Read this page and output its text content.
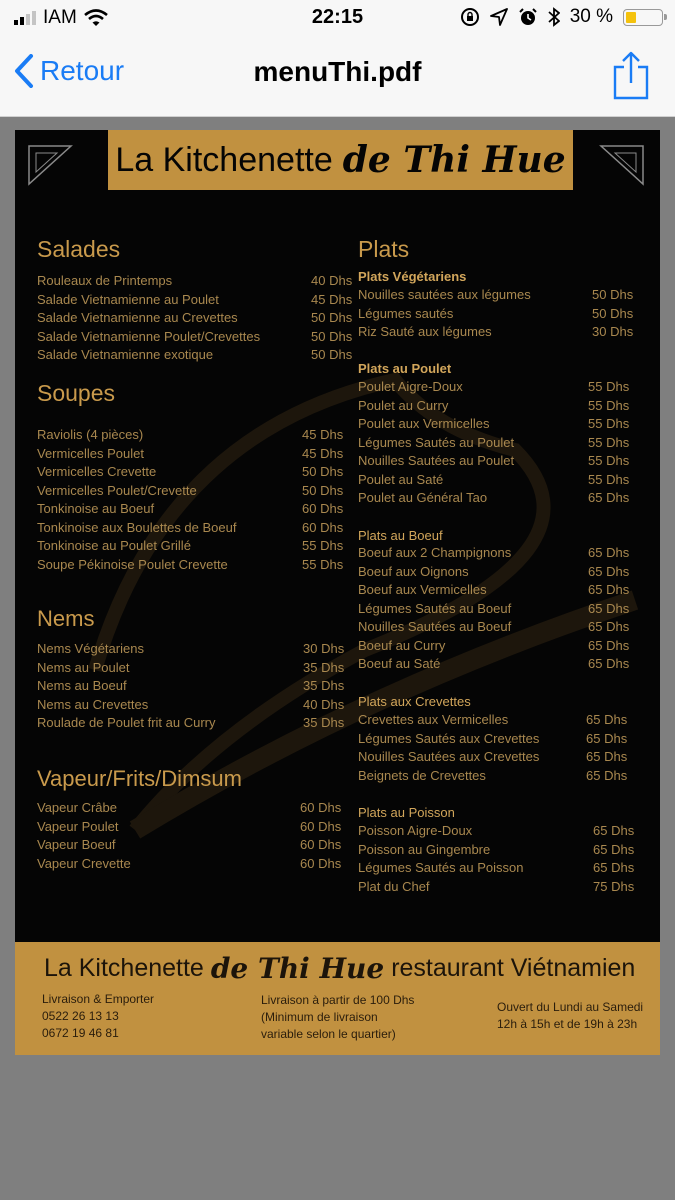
IAM	22:15	30 %
Retour	menuThi.pdf
La Kitchenette de Thi Hue
Plats
Salades
Rouleaux de Printemps	40 Dhs
Salade Vietnamienne au Poulet	45 Dhs
Salade Vietnamienne au Crevettes	50 Dhs
Salade Vietnamienne Poulet/Crevettes	50 Dhs
Salade Vietnamienne exotique	50 Dhs
Soupes
Raviolis (4 pièces)	45 Dhs
Vermicelles Poulet	45 Dhs
Vermicelles Crevette	50 Dhs
Vermicelles Poulet/Crevette	50 Dhs
Tonkinoise au Boeuf	60 Dhs
Tonkinoise aux Boulettes de Boeuf	60 Dhs
Tonkinoise au Poulet Grillé	55 Dhs
Soupe Pékinoise Poulet Crevette	55 Dhs
Nems
Nems Végétariens	30 Dhs
Nems au Poulet	35 Dhs
Nems au Boeuf	35 Dhs
Nems au Crevettes	40 Dhs
Roulade de Poulet frit au Curry	35 Dhs
Vapeur/Frits/Dimsum
Vapeur Crâbe	60 Dhs
Vapeur Poulet	60 Dhs
Vapeur Boeuf	60 Dhs
Vapeur Crevette	60 Dhs
Plats Végétariens
Nouilles sautées aux légumes	50 Dhs
Légumes sautés	50 Dhs
Riz Sauté aux légumes	30 Dhs
Plats au Poulet
Poulet Aigre-Doux	55 Dhs
Poulet au Curry	55 Dhs
Poulet aux Vermicelles	55 Dhs
Légumes Sautés au Poulet	55 Dhs
Nouilles Sautées au Poulet	55 Dhs
Poulet au Saté	55 Dhs
Poulet au Général Tao	65 Dhs
Plats au Boeuf
Boeuf aux 2 Champignons	65 Dhs
Boeuf aux Oignons	65 Dhs
Boeuf aux Vermicelles	65 Dhs
Légumes Sautés au Boeuf	65 Dhs
Nouilles Sautées au Boeuf	65 Dhs
Boeuf au Curry	65 Dhs
Boeuf au Saté	65 Dhs
Plats aux Crevettes
Crevettes aux Vermicelles	65 Dhs
Légumes Sautés aux Crevettes	65 Dhs
Nouilles Sautées aux Crevettes	65 Dhs
Beignets de Crevettes	65 Dhs
Plats au Poisson
Poisson Aigre-Doux	65 Dhs
Poisson au Gingembre	65 Dhs
Légumes Sautés au Poisson	65 Dhs
Plat du Chef	75 Dhs
La Kitchenette de Thi Hue restaurant Viétnamien
Livraison & Emporter
0522 26 13 13
0672 19 46 81
Livraison à partir de 100 Dhs
(Minimum de livraison
variable selon le quartier)
Ouvert du Lundi au Samedi
12h à 15h et de 19h à 23h
